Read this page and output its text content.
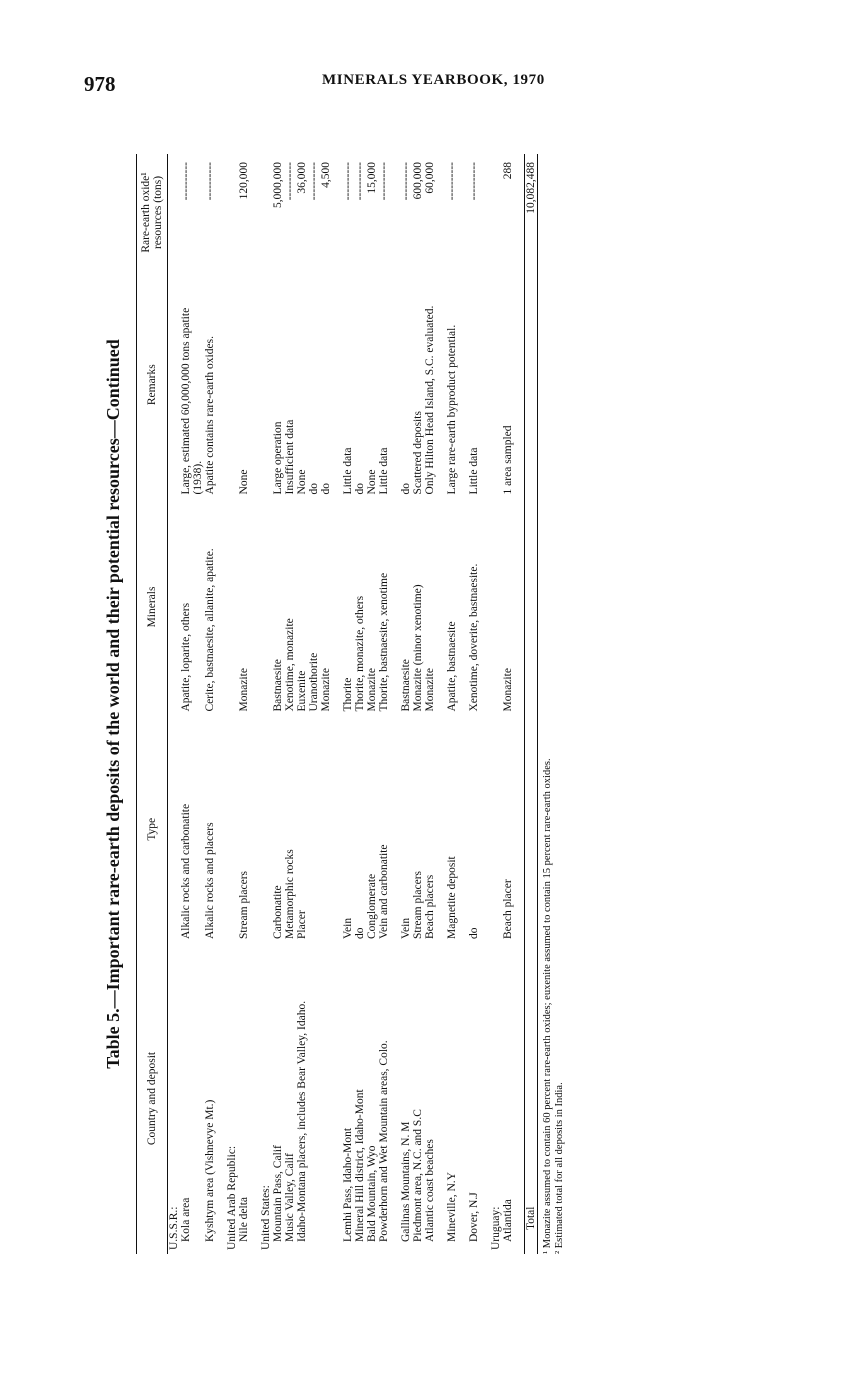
978	MINERALS YEARBOOK, 1970
Table 5.—Important rare-earth deposits of the world and their potential resources—Continued
Country and deposit	Type	Minerals	Remarks	Rare-earth oxide¹ resources (tons)
U.S.S.R.:				
Kola area	Alkalic rocks and carbonatite	Apatite, loparite, others	Large, estimated 60,000,000 tons apatite (1938).	----------
Kyshtym area (Vishnevye Mt.)	Alkalic rocks and placers	Cerite, bastnaesite, allanite, apatite.	Apatite contains rare-earth oxides.	----------

United Arab Republic:				
Nile delta	Stream placers	Monazite	None	120,000

United States:				
Mountain Pass, Calif	Carbonatite	Bastnaesite	Large operation	5,000,000
Music Valley, Calif	Metamorphic rocks	Xenotime, monazite	Insufficient data	----------
Idaho-Montana placers, includes Bear Valley, Idaho.	Placer	Euxenite	None	36,000
		Uranothorite	do	----------
		Monazite	do	4,500

Lemhi Pass, Idaho-Mont	Vein	Thorite	Little data	----------
Mineral Hill district, Idaho-Mont	do	Thorite, monazite, others	do	----------
Bald Mountain, Wyo	Conglomerate	Monazite	None	15,000
Powderhorn and Wet Mountain areas, Colo.	Vein and carbonatite	Thorite, bastnaesite, xenotime	Little data	----------

Gallinas Mountains, N. M	Vein	Bastnaesite	do	----------
Piedmont area, N.C. and S.C	Stream placers	Monazite (minor xenotime)	Scattered deposits	600,000
Atlantic coast beaches	Beach placers	Monazite	Only Hilton Head Island, S.C. evaluated.	60,000

Mineville, N.Y	Magnetite deposit	Apatite, bastnaesite	Large rare-earth byproduct potential.	----------

Dover, N.J	do	Xenotime, doverite, bastnaesite.	Little data	----------

Uruguay:				
Atlantida	Beach placer	Monazite	1 area sampled	288

Total				10,082,488
¹ Monazite assumed to contain 60 percent rare-earth oxides; euxenite assumed to contain 15 percent rare-earth oxides. ² Estimated total for all deposits in India.
